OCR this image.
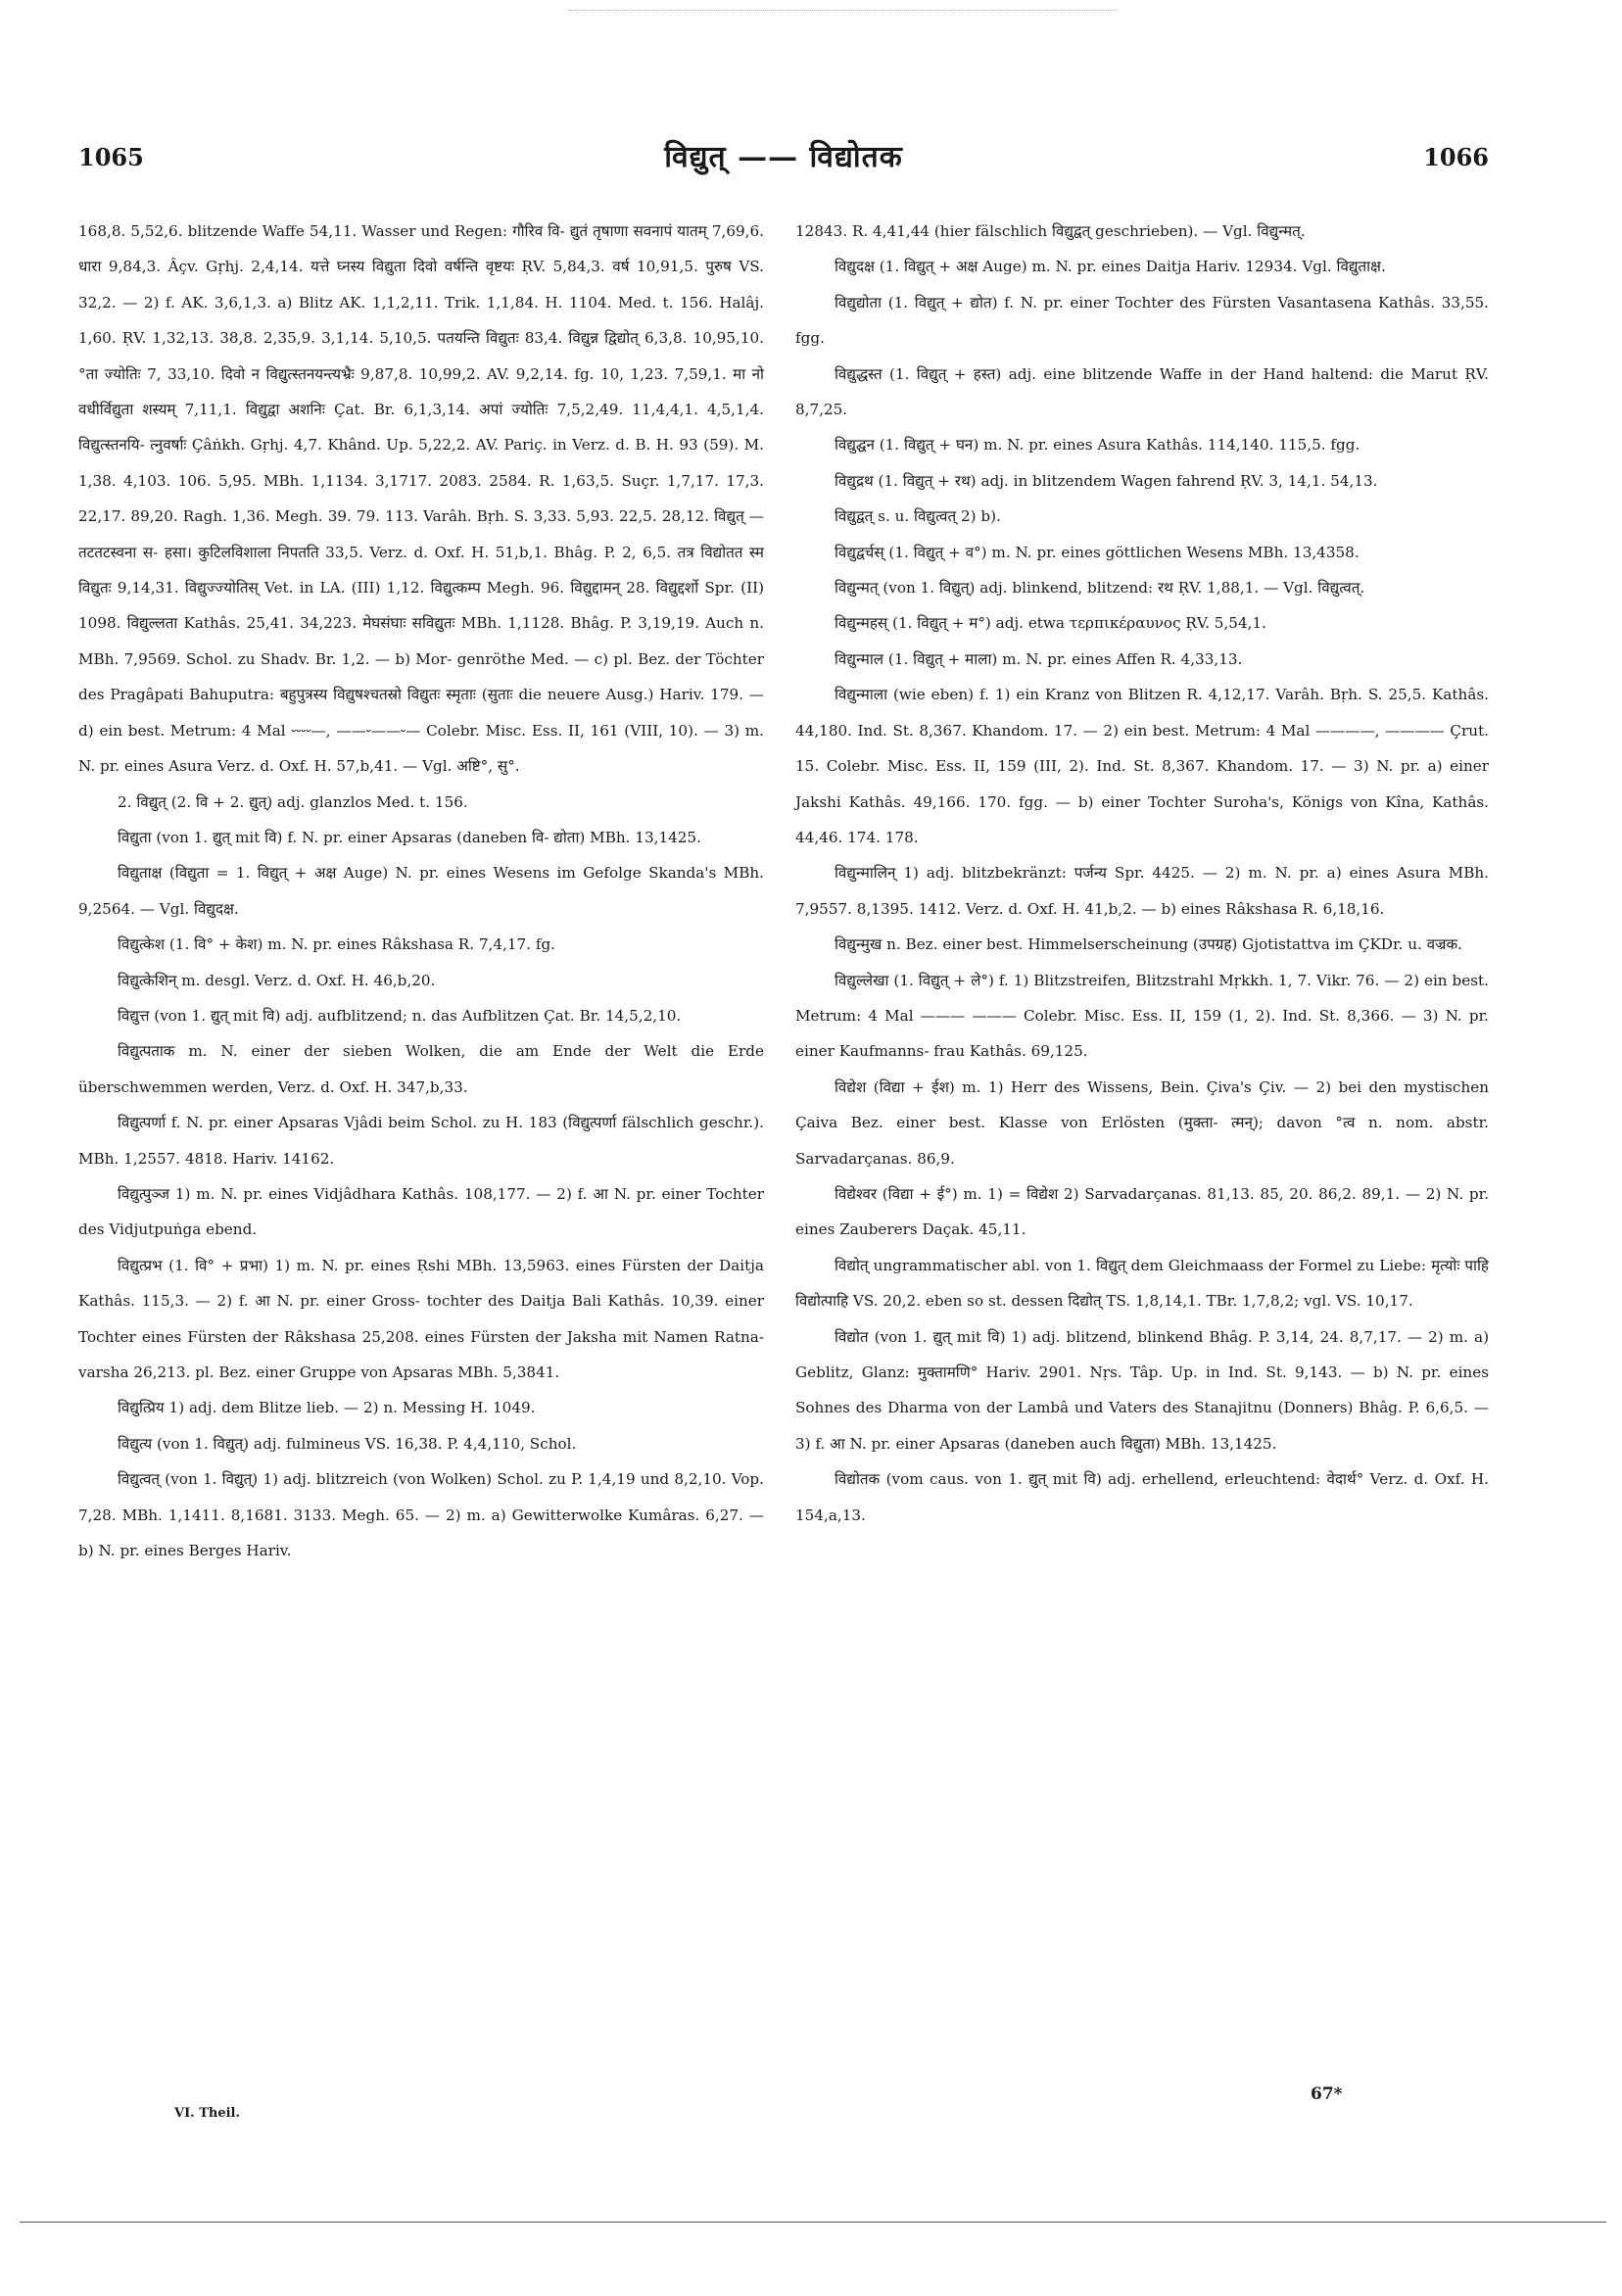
1065	विद्युत् —— विद्योतक	1066

168,8. 5,52,6. blitzende Waffe 54,11. Wasser und Regen: गौरिव वि- द्युतं तृषाणा सवनापं यातम् 7,69,6. धारा 9,84,3. Âçv. Gṛhj. 2,4,14. यत्ते घ्नस्य विद्युता दिवो वर्षन्ति वृष्टयः ṚV. 5,84,3. वर्ष 10,91,5. पुरुष VS. 32,2. — 2) f. AK. 3,6,1,3. a) Blitz AK. 1,1,2,11. Trik. 1,1,84. H. 1104. Med. t. 156. Halâj. 1,60. ṚV. 1,32,13. 38,8. 2,35,9. 3,1,14. 5,10,5. पतयन्ति विद्युतः 83,4. विद्युन्न द्विद्योत् 6,3,8. 10,95,10. °ता ज्योतिः 7, 33,10. दिवो न विद्युत्स्तनयन्त्यभ्रैः 9,87,8. 10,99,2. AV. 9,2,14. fg. 10, 1,23. 7,59,1. मा नो वधीर्विद्युता शस्यम् 7,11,1. विद्युद्वा अशनिः Çat. Br. 6,1,3,14. अपां ज्योतिः 7,5,2,49. 11,4,4,1. 4,5,1,4. विद्युत्स्तनयि- त्नुवर्षाः Çâṅkh. Gṛhj. 4,7. Khând. Up. 5,22,2. AV. Pariç. in Verz. d. B. H. 93 (59). M. 1,38. 4,103. 106. 5,95. MBh. 1,1134. 3,1717. 2083. 2584. R. 1,63,5. Suçr. 1,7,17. 17,3. 22,17. 89,20. Ragh. 1,36. Megh. 39. 79. 113. Varâh. Bṛh. S. 3,33. 5,93. 22,5. 28,12. विद्युत् — तटतटस्वना स- हसा। कुटिलविशाला निपतति 33,5. Verz. d. Oxf. H. 51,b,1. Bhâg. P. 2, 6,5. तत्र विद्योतत स्म विद्युतः 9,14,31. विद्युज्ज्योतिस् Vet. in LA. (III) 1,12. विद्युत्कम्प Megh. 96. विद्युद्दामन् 28. विद्युद्दर्शो Spr. (II) 1098. विद्युल्लता Kathâs. 25,41. 34,223. मेघसंघाः सविद्युतः MBh. 1,1128. Bhâg. P. 3,19,19. Auch n. MBh. 7,9569. Schol. zu Shadv. Br. 1,2. — b) Mor- genröthe Med. — c) pl. Bez. der Töchter des Pragâpati Bahuputra: बहुपुत्रस्य विद्युषश्चतस्रो विद्युतः स्मृताः (सुताः die neuere Ausg.) Hariv. 179. — d) ein best. Metrum: 4 Mal ⏑⏑⏑⏑—, ——⏑——⏑— Colebr. Misc. Ess. II, 161 (VIII, 10). — 3) m. N. pr. eines Asura Verz. d. Oxf. H. 57,b,41. — Vgl. अष्टि°, सु°.

2. विद्युत् (2. वि + 2. द्युत्) adj. glanzlos Med. t. 156.

विद्युता (von 1. द्युत् mit वि) f. N. pr. einer Apsaras (daneben वि- द्योता) MBh. 13,1425.

विद्युताक्ष (विद्युता = 1. विद्युत् + अक्ष Auge) N. pr. eines Wesens im Gefolge Skanda's MBh. 9,2564. — Vgl. विद्युदक्ष.

विद्युत्केश (1. वि° + केश) m. N. pr. eines Râkshasa R. 7,4,17. fg.

विद्युत्केशिन् m. desgl. Verz. d. Oxf. H. 46,b,20.

विद्युत्त (von 1. द्युत् mit वि) adj. aufblitzend; n. das Aufblitzen Çat. Br. 14,5,2,10.

विद्युत्पताक m. N. einer der sieben Wolken, die am Ende der Welt die Erde überschwemmen werden, Verz. d. Oxf. H. 347,b,33.

विद्युत्पर्णा f. N. pr. einer Apsaras Vjâdi beim Schol. zu H. 183 (विद्युत्पर्णा fälschlich geschr.). MBh. 1,2557. 4818. Hariv. 14162.

विद्युत्पुञ्ज 1) m. N. pr. eines Vidjâdhara Kathâs. 108,177. — 2) f. आ N. pr. einer Tochter des Vidjutpuṅga ebend.

विद्युत्प्रभ (1. वि° + प्रभा) 1) m. N. pr. eines Ṛshi MBh. 13,5963. eines Fürsten der Daitja Kathâs. 115,3. — 2) f. आ N. pr. einer Gross- tochter des Daitja Bali Kathâs. 10,39. einer Tochter eines Fürsten der Râkshasa 25,208. eines Fürsten der Jaksha mit Namen Ratna- varsha 26,213. pl. Bez. einer Gruppe von Apsaras MBh. 5,3841.

विद्युत्प्रिय 1) adj. dem Blitze lieb. — 2) n. Messing H. 1049.

विद्युत्य (von 1. विद्युत्) adj. fulmineus VS. 16,38. P. 4,4,110, Schol.

विद्युत्वत् (von 1. विद्युत्) 1) adj. blitzreich (von Wolken) Schol. zu P. 1,4,19 und 8,2,10. Vop. 7,28. MBh. 1,1411. 8,1681. 3133. Megh. 65. — 2) m. a) Gewitterwolke Kumâras. 6,27. — b) N. pr. eines Berges Hariv.

12843. R. 4,41,44 (hier fälschlich विद्युद्वत् geschrieben). — Vgl. विद्युन्मत्.

विद्युदक्ष (1. विद्युत् + अक्ष Auge) m. N. pr. eines Daitja Hariv. 12934. Vgl. विद्युताक्ष.

विद्युद्योता (1. विद्युत् + द्योत) f. N. pr. einer Tochter des Fürsten Vasantasena Kathâs. 33,55. fgg.

विद्युद्धस्त (1. विद्युत् + हस्त) adj. eine blitzende Waffe in der Hand haltend: die Marut ṚV. 8,7,25.

विद्युद्घन (1. विद्युत् + घन) m. N. pr. eines Asura Kathâs. 114,140. 115,5. fgg.

विद्युद्रथ (1. विद्युत् + रथ) adj. in blitzendem Wagen fahrend ṚV. 3, 14,1. 54,13.

विद्युद्वत् s. u. विद्युत्वत् 2) b).

विद्युद्वर्चस् (1. विद्युत् + व°) m. N. pr. eines göttlichen Wesens MBh. 13,4358.

विद्युन्मत् (von 1. विद्युत्) adj. blinkend, blitzend: रथ ṚV. 1,88,1. — Vgl. विद्युत्वत्.

विद्युन्महस् (1. विद्युत् + म°) adj. etwa τερπικέραυνος ṚV. 5,54,1.

विद्युन्माल (1. विद्युत् + माला) m. N. pr. eines Affen R. 4,33,13.

विद्युन्माला (wie eben) f. 1) ein Kranz von Blitzen R. 4,12,17. Varâh. Bṛh. S. 25,5. Kathâs. 44,180. Ind. St. 8,367. Khandom. 17. — 2) ein best. Metrum: 4 Mal ————, ———— Çrut. 15. Colebr. Misc. Ess. II, 159 (III, 2). Ind. St. 8,367. Khandom. 17. — 3) N. pr. a) einer Jakshi Kathâs. 49,166. 170. fgg. — b) einer Tochter Suroha's, Königs von Kîna, Kathâs. 44,46. 174. 178.

विद्युन्मालिन् 1) adj. blitzbekränzt: पर्जन्य Spr. 4425. — 2) m. N. pr. a) eines Asura MBh. 7,9557. 8,1395. 1412. Verz. d. Oxf. H. 41,b,2. — b) eines Râkshasa R. 6,18,16.

विद्युन्मुख n. Bez. einer best. Himmelserscheinung (उपग्रह) Gjotistattva im ÇKDr. u. वज्रक.

विद्युल्लेखा (1. विद्युत् + ले°) f. 1) Blitzstreifen, Blitzstrahl Mṛkkh. 1, 7. Vikr. 76. — 2) ein best. Metrum: 4 Mal ——— ——— Colebr. Misc. Ess. II, 159 (1, 2). Ind. St. 8,366. — 3) N. pr. einer Kaufmanns- frau Kathâs. 69,125.

विद्येश (विद्या + ईश) m. 1) Herr des Wissens, Bein. Çiva's Çiv. — 2) bei den mystischen Çaiva Bez. einer best. Klasse von Erlösten (मुक्ता- त्मन्); davon °त्व n. nom. abstr. Sarvadarçanas. 86,9.

विद्येश्वर (विद्या + ई°) m. 1) = विद्येश 2) Sarvadarçanas. 81,13. 85, 20. 86,2. 89,1. — 2) N. pr. eines Zauberers Daçak. 45,11.

विद्योत् ungrammatischer abl. von 1. विद्युत् dem Gleichmaass der Formel zu Liebe: मृत्योः पाहि विद्योत्पाहि VS. 20,2. eben so st. dessen दिद्योत् TS. 1,8,14,1. TBr. 1,7,8,2; vgl. VS. 10,17.

विद्योत (von 1. द्युत् mit वि) 1) adj. blitzend, blinkend Bhâg. P. 3,14, 24. 8,7,17. — 2) m. a) Geblitz, Glanz: मुक्तामणि° Hariv. 2901. Nṛs. Tâp. Up. in Ind. St. 9,143. — b) N. pr. eines Sohnes des Dharma von der Lambâ und Vaters des Stanajitnu (Donners) Bhâg. P. 6,6,5. — 3) f. आ N. pr. einer Apsaras (daneben auch विद्युता) MBh. 13,1425.

विद्योतक (vom caus. von 1. द्युत् mit वि) adj. erhellend, erleuchtend: वेदार्थ° Verz. d. Oxf. H. 154,a,13.

VI. Theil.
67*
